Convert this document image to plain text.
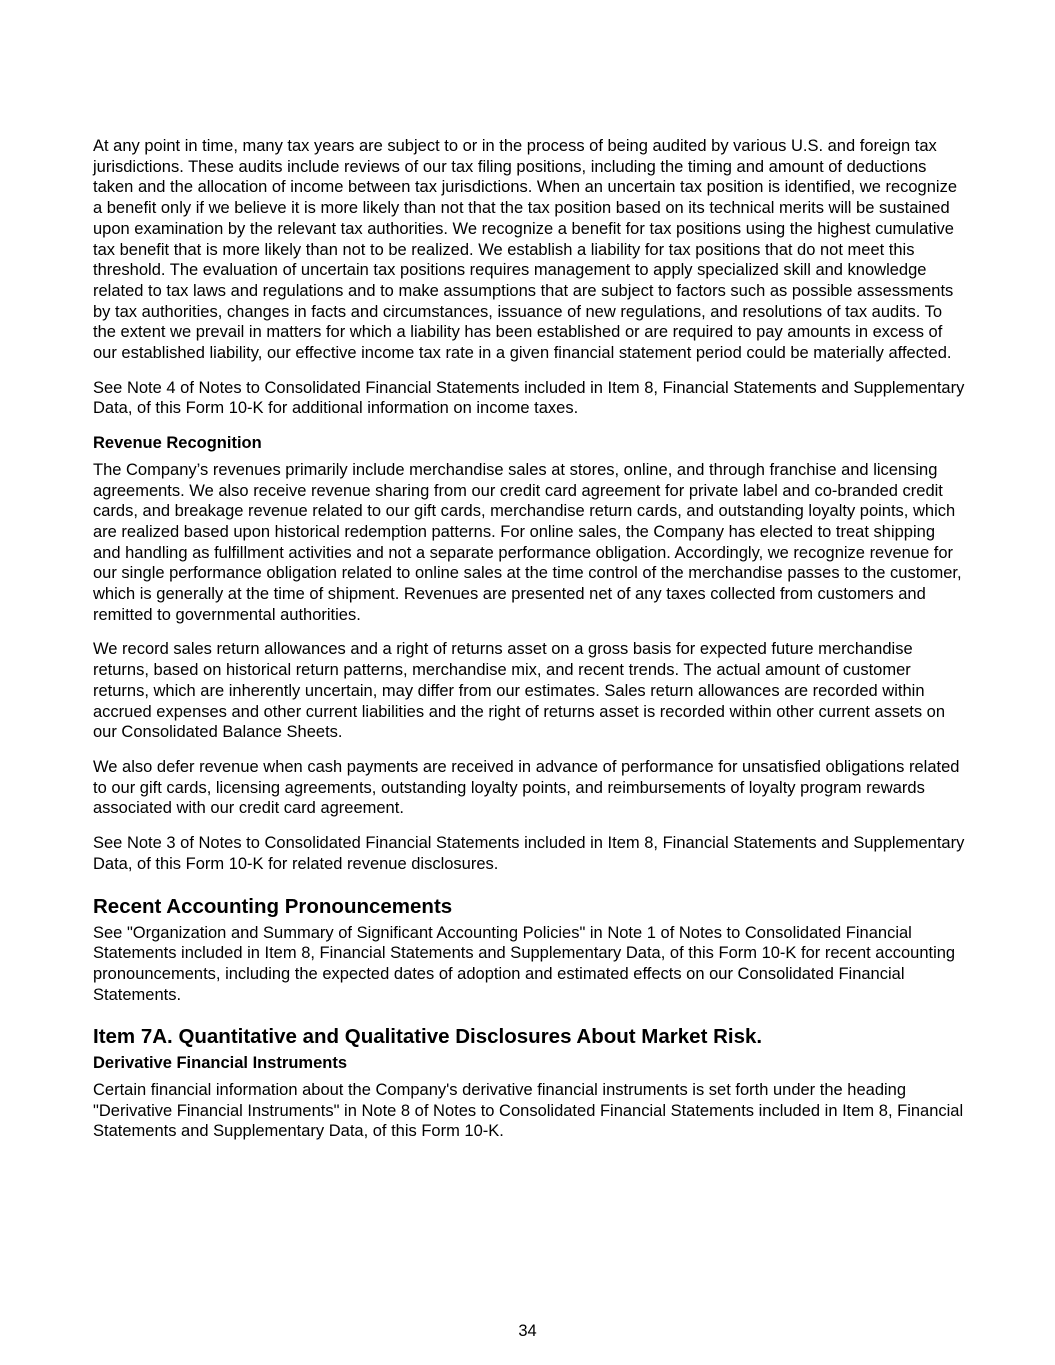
At any point in time, many tax years are subject to or in the process of being audited by various U.S. and foreign tax jurisdictions. These audits include reviews of our tax filing positions, including the timing and amount of deductions taken and the allocation of income between tax jurisdictions. When an uncertain tax position is identified, we recognize a benefit only if we believe it is more likely than not that the tax position based on its technical merits will be sustained upon examination by the relevant tax authorities. We recognize a benefit for tax positions using the highest cumulative tax benefit that is more likely than not to be realized. We establish a liability for tax positions that do not meet this threshold. The evaluation of uncertain tax positions requires management to apply specialized skill and knowledge related to tax laws and regulations and to make assumptions that are subject to factors such as possible assessments by tax authorities, changes in facts and circumstances, issuance of new regulations, and resolutions of tax audits. To the extent we prevail in matters for which a liability has been established or are required to pay amounts in excess of our established liability, our effective income tax rate in a given financial statement period could be materially affected.

See Note 4 of Notes to Consolidated Financial Statements included in Item 8, Financial Statements and Supplementary Data, of this Form 10-K for additional information on income taxes.

Revenue Recognition

The Company’s revenues primarily include merchandise sales at stores, online, and through franchise and licensing agreements. We also receive revenue sharing from our credit card agreement for private label and co-branded credit cards, and breakage revenue related to our gift cards, merchandise return cards, and outstanding loyalty points, which are realized based upon historical redemption patterns. For online sales, the Company has elected to treat shipping and handling as fulfillment activities and not a separate performance obligation. Accordingly, we recognize revenue for our single performance obligation related to online sales at the time control of the merchandise passes to the customer, which is generally at the time of shipment. Revenues are presented net of any taxes collected from customers and remitted to governmental authorities.

We record sales return allowances and a right of returns asset on a gross basis for expected future merchandise returns, based on historical return patterns, merchandise mix, and recent trends. The actual amount of customer returns, which are inherently uncertain, may differ from our estimates. Sales return allowances are recorded within accrued expenses and other current liabilities and the right of returns asset is recorded within other current assets on our Consolidated Balance Sheets.

We also defer revenue when cash payments are received in advance of performance for unsatisfied obligations related to our gift cards, licensing agreements, outstanding loyalty points, and reimbursements of loyalty program rewards associated with our credit card agreement.

See Note 3 of Notes to Consolidated Financial Statements included in Item 8, Financial Statements and Supplementary Data, of this Form 10-K for related revenue disclosures.

Recent Accounting Pronouncements

See "Organization and Summary of Significant Accounting Policies" in Note 1 of Notes to Consolidated Financial Statements included in Item 8, Financial Statements and Supplementary Data, of this Form 10-K for recent accounting pronouncements, including the expected dates of adoption and estimated effects on our Consolidated Financial Statements.

Item 7A. Quantitative and Qualitative Disclosures About Market Risk.
Derivative Financial Instruments

Certain financial information about the Company's derivative financial instruments is set forth under the heading "Derivative Financial Instruments" in Note 8 of Notes to Consolidated Financial Statements included in Item 8, Financial Statements and Supplementary Data, of this Form 10-K.

34
